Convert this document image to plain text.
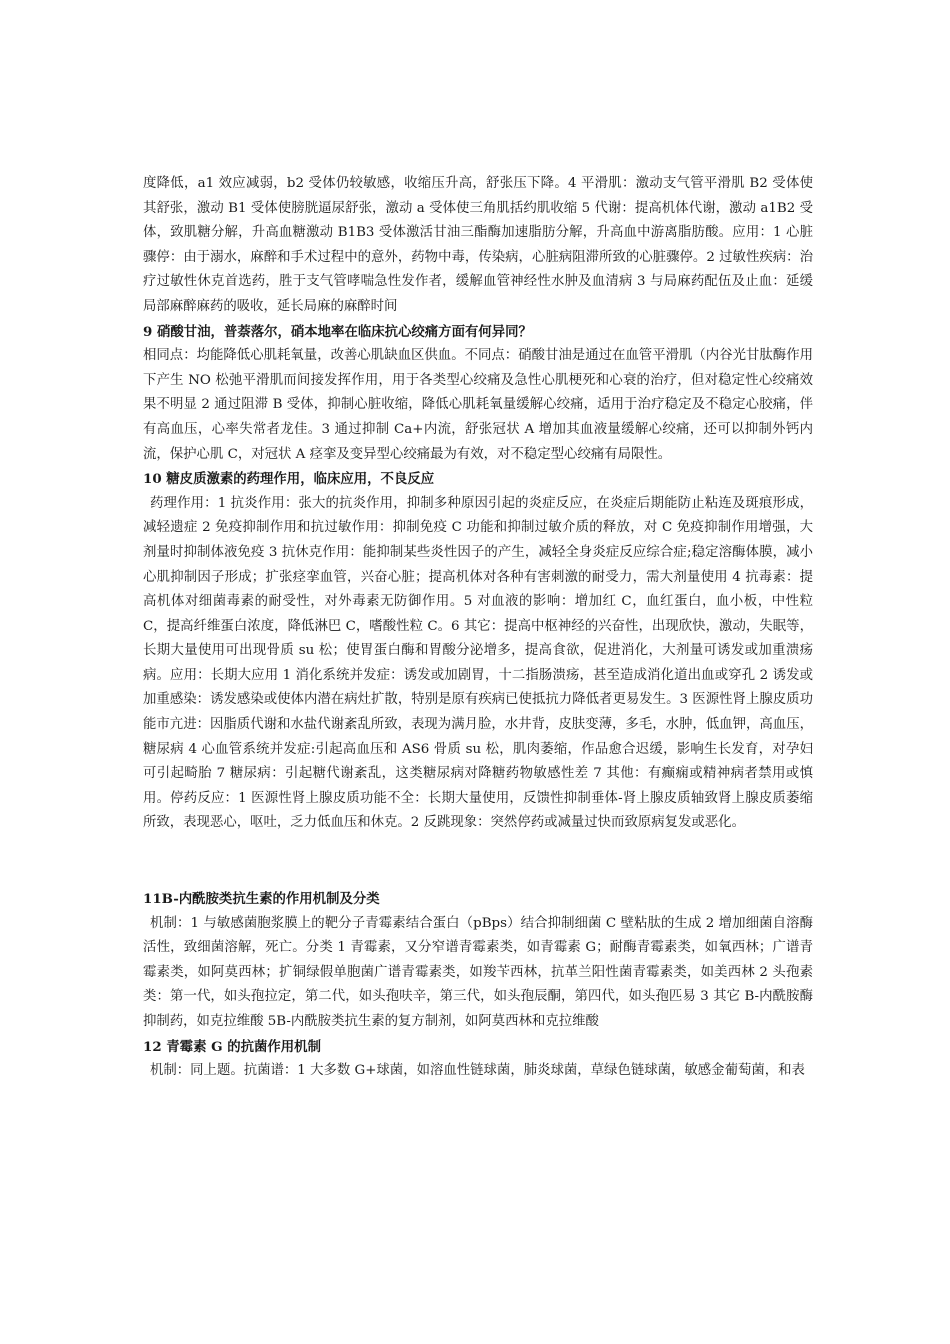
度降低，a1 效应减弱，b2 受体仍较敏感，收缩压升高，舒张压下降。4 平滑肌：激动支气管平滑肌 B2 受体使其舒张，激动 B1 受体使膀胱逼尿舒张，激动 a 受体使三角肌括约肌收缩 5 代谢：提高机体代谢，激动 a1B2 受体，致肌糖分解，升高血糖激动 B1B3 受体激活甘油三酯酶加速脂肪分解，升高血中游离脂肪酸。应用：1 心脏骤停：由于溺水，麻醉和手术过程中的意外，药物中毒，传染病，心脏病阻滞所致的心脏骤停。2 过敏性疾病：治疗过敏性休克首选药，胜于支气管哮喘急性发作者，缓解血管神经性水肿及血清病 3 与局麻药配伍及止血：延缓局部麻醉麻药的吸收，延长局麻的麻醉时间

9 硝酸甘油，普萘落尔，硝本地率在临床抗心绞痛方面有何异同？

相同点：均能降低心肌耗氧量，改善心肌缺血区供血。不同点：硝酸甘油是通过在血管平滑肌（内谷光甘肽酶作用下产生 NO 松弛平滑肌而间接发挥作用，用于各类型心绞痛及急性心肌梗死和心衰的治疗，但对稳定性心绞痛效果不明显 2 通过阻滞 B 受体，抑制心脏收缩，降低心肌耗氧量缓解心绞痛，适用于治疗稳定及不稳定心胶痛，伴有高血压，心率失常者龙佳。3 通过抑制 Ca+内流，舒张冠状 A 增加其血液量缓解心绞痛，还可以抑制外钙内流，保护心肌 C，对冠状 A 痉挛及变异型心绞痛最为有效，对不稳定型心绞痛有局限性。

10 糖皮质激素的药理作用，临床应用，不良反应

药理作用：1 抗炎作用：张大的抗炎作用，抑制多种原因引起的炎症反应，在炎症后期能防止粘连及斑痕形成，减轻遗症 2 免疫抑制作用和抗过敏作用：抑制免疫 C 功能和抑制过敏介质的释放，对 C 免疫抑制作用增强，大剂量时抑制体液免疫 3 抗休克作用：能抑制某些炎性因子的产生，减轻全身炎症反应综合症;稳定溶酶体膜，减小心肌抑制因子形成；扩张痉挛血管，兴奋心脏；提高机体对各种有害刺激的耐受力，需大剂量使用 4 抗毒素：提高机体对细菌毒素的耐受性，对外毒素无防御作用。5 对血液的影响：增加红 C，血红蛋白，血小板，中性粒 C，提高纤维蛋白浓度，降低淋巴 C，嗜酸性粒 C。6 其它：提高中枢神经的兴奋性，出现欣快，激动，失眠等，长期大量使用可出现骨质 su 松；使胃蛋白酶和胃酸分泌增多，提高食欲，促进消化，大剂量可诱发或加重溃疡病。应用：长期大应用 1 消化系统并发症：诱发或加剧胃，十二指肠溃疡，甚至造成消化道出血或穿孔 2 诱发或加重感染：诱发感染或使体内潜在病灶扩散，特别是原有疾病已使抵抗力降低者更易发生。3 医源性肾上腺皮质功能市亢进：因脂质代谢和水盐代谢紊乱所致，表现为满月脸，水井背，皮肤变薄，多毛，水肿，低血钾，高血压，糖尿病 4 心血管系统并发症:引起高血压和 AS6 骨质 su 松，肌肉萎缩，作品愈合迟缓，影响生长发育，对孕妇可引起畸胎 7 糖尿病：引起糖代谢紊乱，这类糖尿病对降糖药物敏感性差 7 其他：有癫痫或精神病者禁用或慎用。停药反应：1 医源性肾上腺皮质功能不全：长期大量使用，反馈性抑制垂体-肾上腺皮质轴致肾上腺皮质萎缩所致，表现恶心，呕吐，乏力低血压和休克。2 反跳现象：突然停药或减量过快而致原病复发或恶化。

11B-内酰胺类抗生素的作用机制及分类

机制：1 与敏感菌胞浆膜上的靶分子青霉素结合蛋白（pBps）结合抑制细菌 C 壁粘肽的生成 2 增加细菌自溶酶活性，致细菌溶解，死亡。分类 1 青霉素，又分窄谱青霉素类，如青霉素 G；耐酶青霉素类，如氧西林；广谱青霉素类，如阿莫西林；扩铜绿假单胞菌广谱青霉素类，如羧苄西林，抗革兰阳性菌青霉素类，如美西林 2 头孢素类：第一代，如头孢拉定，第二代，如头孢呋辛，第三代，如头孢辰酮，第四代，如头孢匹易 3 其它 B-内酰胺酶抑制药，如克拉维酸 5B-内酰胺类抗生素的复方制剂，如阿莫西林和克拉维酸

12 青霉素 G 的抗菌作用机制

机制：同上题。抗菌谱：1 大多数 G+球菌，如溶血性链球菌，肺炎球菌，草绿色链球菌，敏感金葡萄菌，和表
